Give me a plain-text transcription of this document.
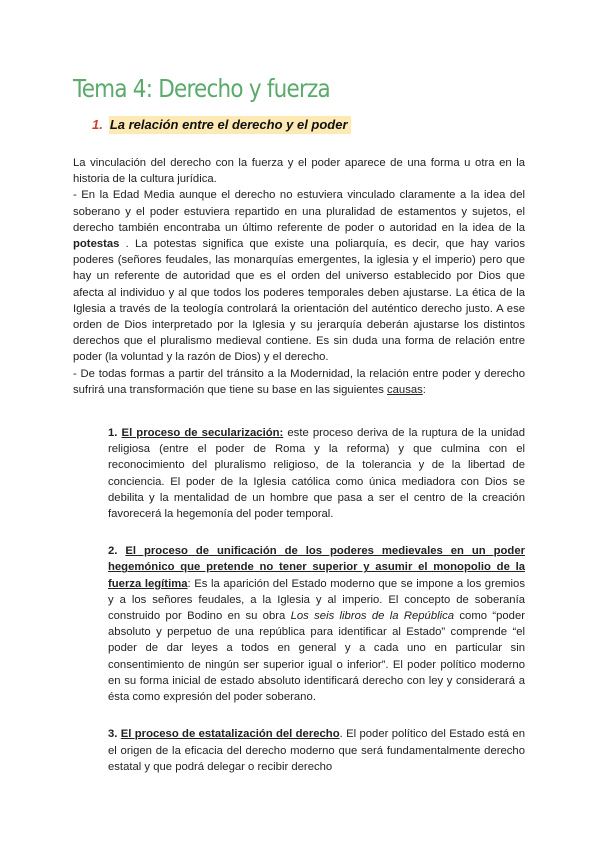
Tema 4: Derecho y fuerza
1. La relación entre el derecho y el poder

La vinculación del derecho con la fuerza y el poder aparece de una forma u otra en la historia de la cultura jurídica.

- En la Edad Media aunque el derecho no estuviera vinculado claramente a la idea del soberano y el poder estuviera repartido en una pluralidad de estamentos y sujetos, el derecho también encontraba un último referente de poder o autoridad en la idea de la potestas . La potestas significa que existe una poliarquía, es decir, que hay varios poderes (señores feudales, las monarquías emergentes, la iglesia y el imperio) pero que hay un referente de autoridad que es el orden del universo establecido por Dios que afecta al individuo y al que todos los poderes temporales deben ajustarse. La ética de la Iglesia a través de la teología controlará la orientación del auténtico derecho justo. A ese orden de Dios interpretado por la Iglesia y su jerarquía deberán ajustarse los distintos derechos que el pluralismo medieval contiene. Es sin duda una forma de relación entre poder (la voluntad y la razón de Dios) y el derecho.

- De todas formas a partir del tránsito a la Modernidad, la relación entre poder y derecho sufrirá una transformación que tiene su base en las siguientes causas:

1. El proceso de secularización: este proceso deriva de la ruptura de la unidad religiosa (entre el poder de Roma y la reforma) y que culmina con el reconocimiento del pluralismo religioso, de la tolerancia y de la libertad de conciencia. El poder de la Iglesia católica como única mediadora con Dios se debilita y la mentalidad de un hombre que pasa a ser el centro de la creación favorecerá la hegemonía del poder temporal.

2. El proceso de unificación de los poderes medievales en un poder hegemónico que pretende no tener superior y asumir el monopolio de la fuerza legítima: Es la aparición del Estado moderno que se impone a los gremios y a los señores feudales, a la Iglesia y al imperio. El concepto de soberanía construido por Bodino en su obra Los seis libros de la República como “poder absoluto y perpetuo de una república para identificar al Estado” comprende “el poder de dar leyes a todos en general y a cada uno en particular sin consentimiento de ningún ser superior igual o inferior”. El poder político moderno en su forma inicial de estado absoluto identificará derecho con ley y considerará a ésta como expresión del poder soberano.

3. El proceso de estatalización del derecho. El poder político del Estado está en el origen de la eficacia del derecho moderno que será fundamentalmente derecho estatal y que podrá delegar o recibir derecho
